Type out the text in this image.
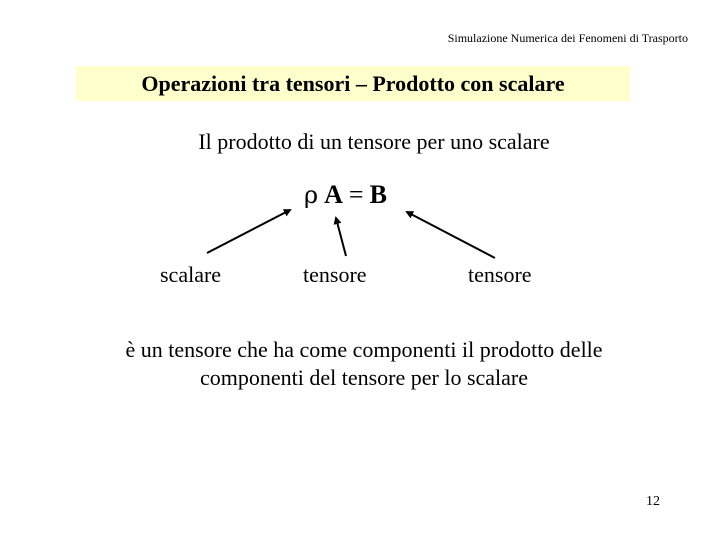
Simulazione Numerica dei Fenomeni di Trasporto
Operazioni tra tensori – Prodotto con scalare
Il prodotto di un tensore per uno scalare
ρ A = B
scalare	tensore	tensore
è un tensore che ha come componenti il prodotto delle
componenti del tensore per lo scalare
12
